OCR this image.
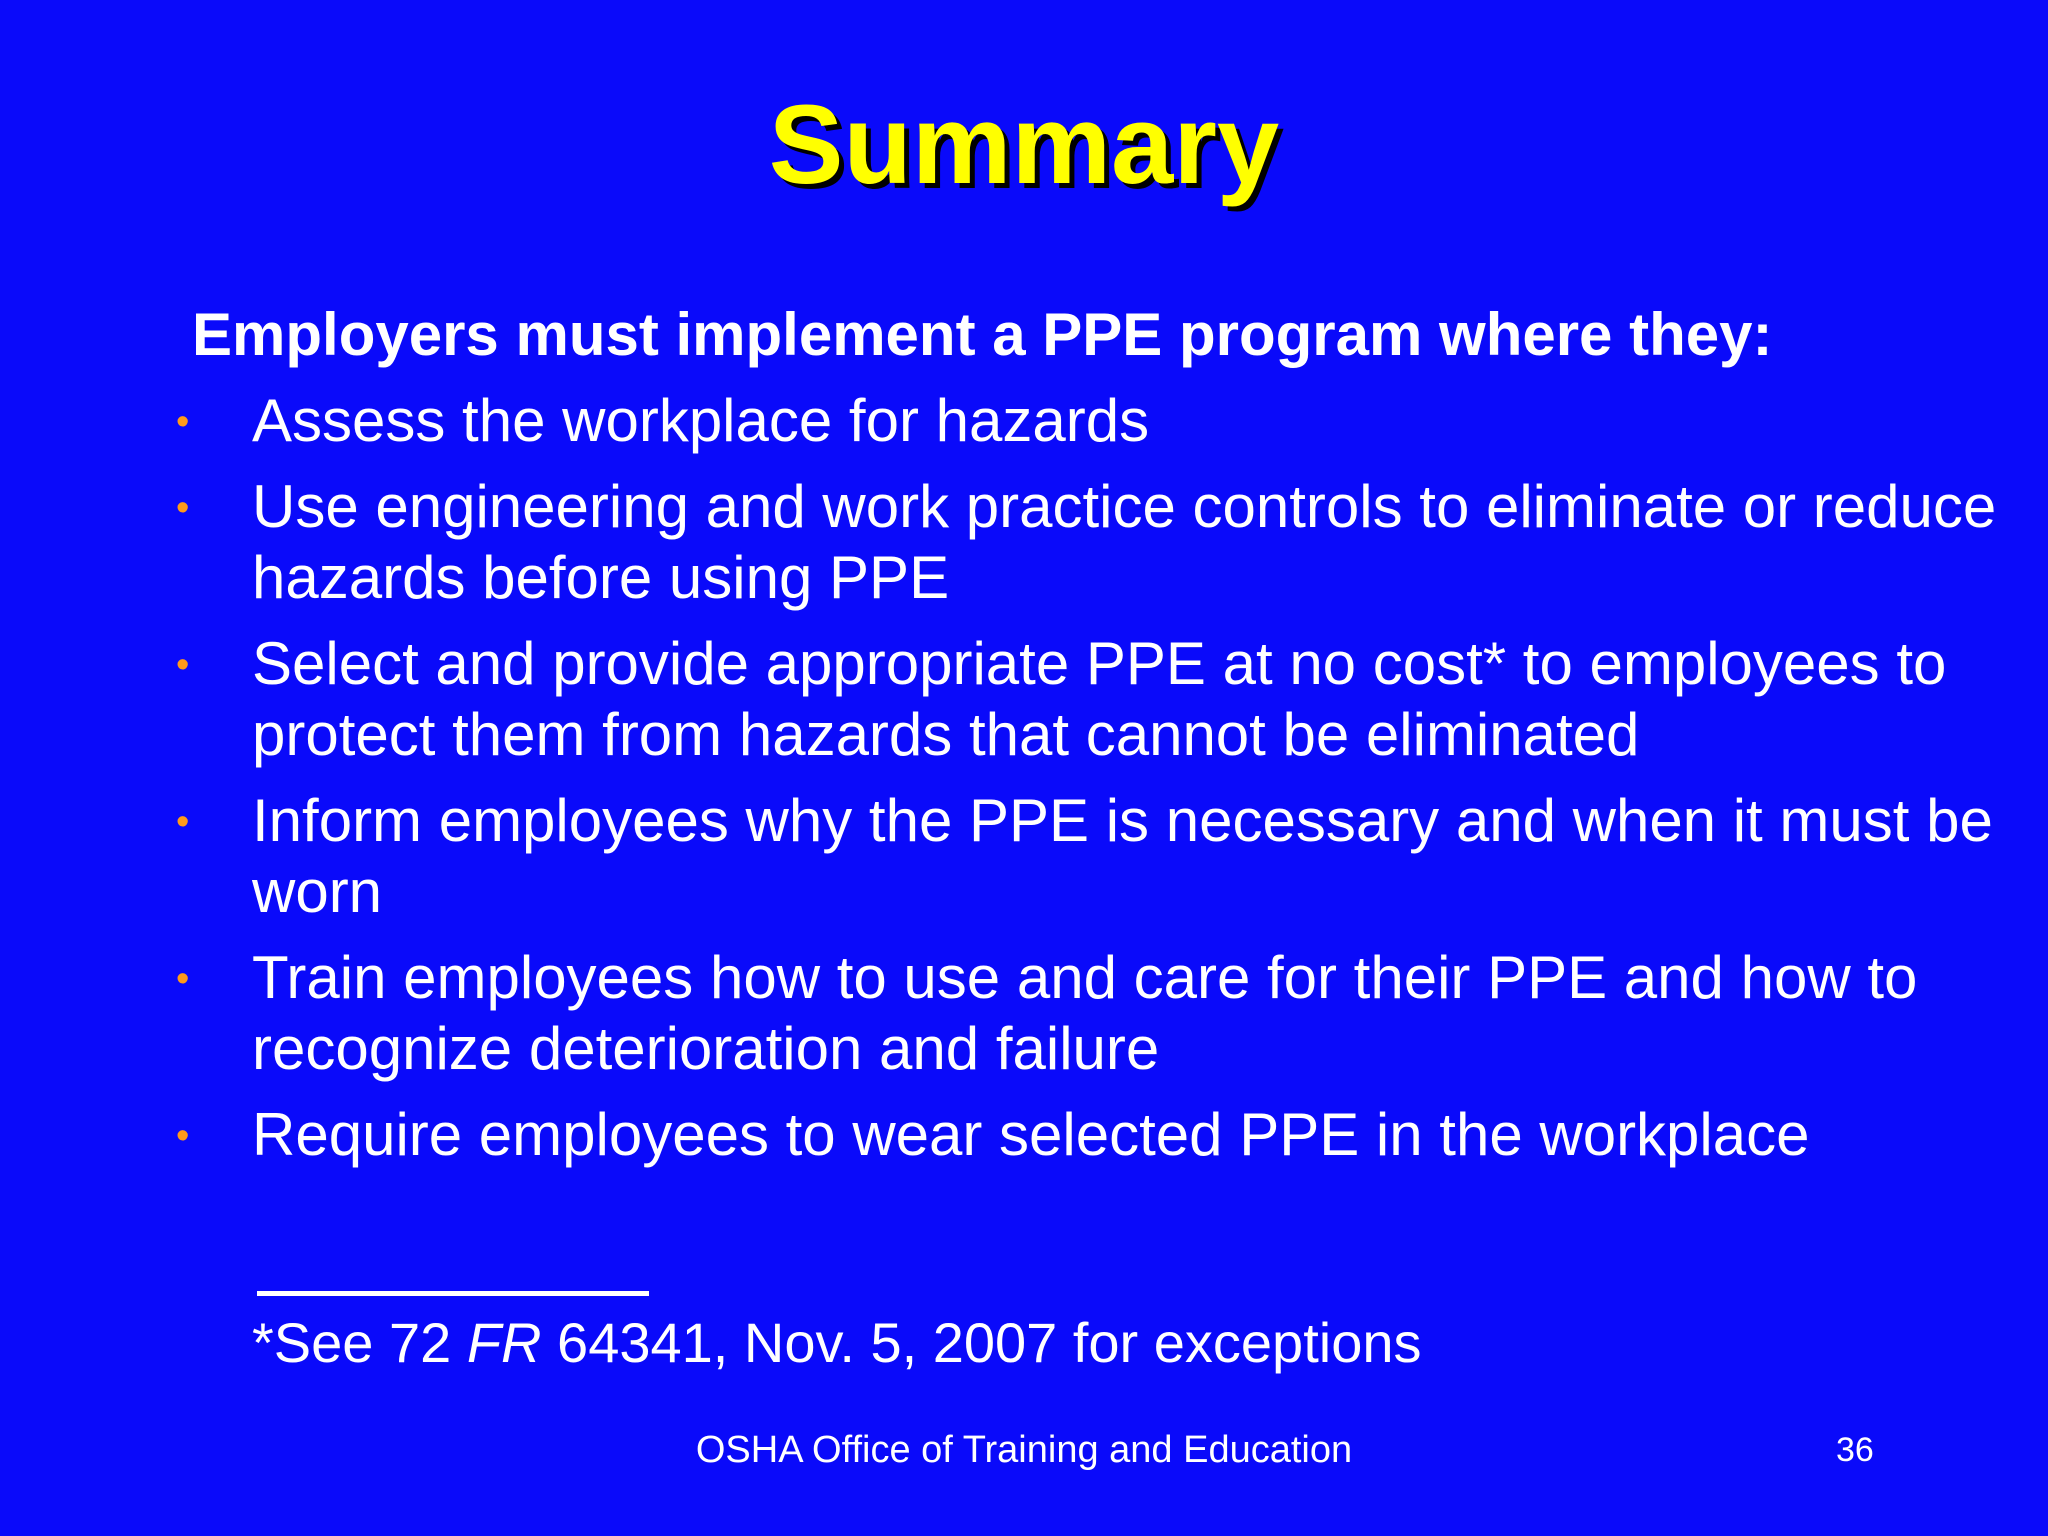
Summary

Employers must implement a PPE program where they:

• Assess the workplace for hazards
• Use engineering and work practice controls to eliminate or reduce hazards before using PPE
• Select and provide appropriate PPE at no cost* to employees to protect them from hazards that cannot be eliminated
• Inform employees why the PPE is necessary and when it must be worn
• Train employees how to use and care for their PPE and how to recognize deterioration and failure
• Require employees to wear selected PPE in the workplace

*See 72 FR 64341, Nov. 5, 2007 for exceptions

OSHA Office of Training and Education	36
